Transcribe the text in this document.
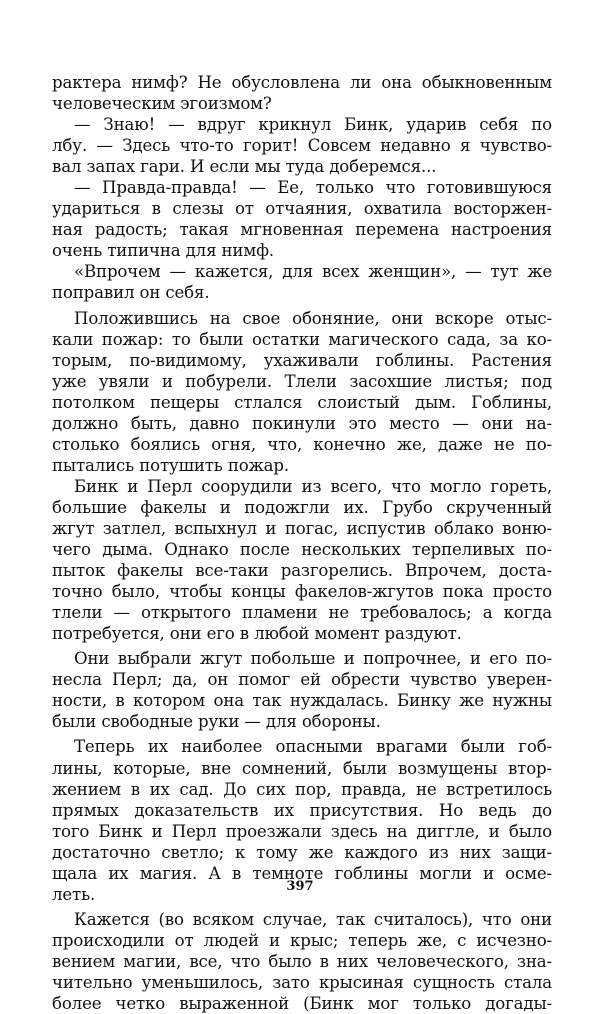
рактера нимф? Не обусловлена ли она обыкновенным
человеческим эгоизмом?
— Знаю! — вдруг крикнул Бинк, ударив себя по
лбу. — Здесь что-то горит! Совсем недавно я чувство-
вал запах гари. И если мы туда доберемся...
— Правда-правда! — Ее, только что готовившуюся
удариться в слезы от отчаяния, охватила восторжен-
ная радость; такая мгновенная перемена настроения
очень типична для нимф.
«Впрочем — кажется, для всех женщин», — тут же
поправил он себя.
Положившись на свое обоняние, они вскоре отыс-
кали пожар: то были остатки магического сада, за ко-
торым, по-видимому, ухаживали гоблины. Растения
уже увяли и побурели. Тлели засохшие листья; под
потолком пещеры стлался слоистый дым. Гоблины,
должно быть, давно покинули это место — они на-
столько боялись огня, что, конечно же, даже не по-
пытались потушить пожар.
Бинк и Перл соорудили из всего, что могло гореть,
большие факелы и подожгли их. Грубо скрученный
жгут затлел, вспыхнул и погас, испустив облако воню-
чего дыма. Однако после нескольких терпеливых по-
пыток факелы все-таки разгорелись. Впрочем, доста-
точно было, чтобы концы факелов-жгутов пока просто
тлели — открытого пламени не требовалось; а когда
потребуется, они его в любой момент раздуют.
Они выбрали жгут побольше и попрочнее, и его по-
несла Перл; да, он помог ей обрести чувство уверен-
ности, в котором она так нуждалась. Бинку же нужны
были свободные руки — для обороны.
Теперь их наиболее опасными врагами были гоб-
лины, которые, вне сомнений, были возмущены втор-
жением в их сад. До сих пор, правда, не встретилось
прямых доказательств их присутствия. Но ведь до
того Бинк и Перл проезжали здесь на диггле, и было
достаточно светло; к тому же каждого из них защи-
щала их магия. А в темноте гоблины могли и осме-
леть.
Кажется (во всяком случае, так считалось), что они
происходили от людей и крыс; теперь же, с исчезно-
вением магии, все, что было в них человеческого, зна-
чительно уменьшилось, зато крысиная сущность стала
более четко выраженной (Бинк мог только догады-
397
